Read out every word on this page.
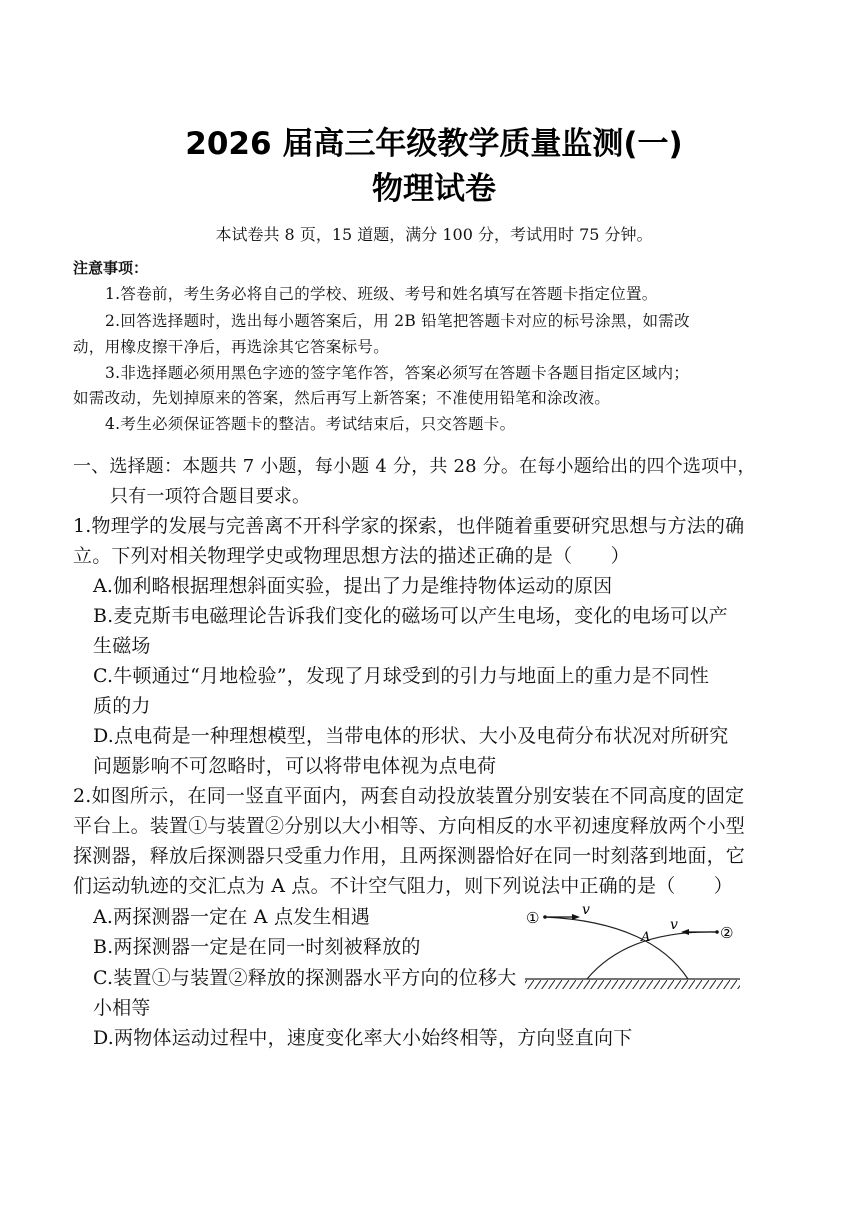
2026 届高三年级教学质量监测(一)
物理试卷
本试卷共 8 页，15 道题，满分 100 分，考试用时 75 分钟。
注意事项：
1.答卷前，考生务必将自己的学校、班级、考号和姓名填写在答题卡指定位置。
2.回答选择题时，选出每小题答案后，用 2B 铅笔把答题卡对应的标号涂黑，如需改
动，用橡皮擦干净后，再选涂其它答案标号。
3.非选择题必须用黑色字迹的签字笔作答，答案必须写在答题卡各题目指定区域内；
如需改动，先划掉原来的答案，然后再写上新答案；不准使用铅笔和涂改液。
4.考生必须保证答题卡的整洁。考试结束后，只交答题卡。
一、选择题：本题共 7 小题，每小题 4 分，共 28 分。在每小题给出的四个选项中，
只有一项符合题目要求。
1.物理学的发展与完善离不开科学家的探索，也伴随着重要研究思想与方法的确
立。下列对相关物理学史或物理思想方法的描述正确的是（　　）
A.伽利略根据理想斜面实验，提出了力是维持物体运动的原因
B.麦克斯韦电磁理论告诉我们变化的磁场可以产生电场，变化的电场可以产
生磁场
C.牛顿通过“月地检验”，发现了月球受到的引力与地面上的重力是不同性
质的力
D.点电荷是一种理想模型，当带电体的形状、大小及电荷分布状况对所研究
问题影响不可忽略时，可以将带电体视为点电荷
2.如图所示，在同一竖直平面内，两套自动投放装置分别安装在不同高度的固定
平台上。装置①与装置②分别以大小相等、方向相反的水平初速度释放两个小型
探测器，释放后探测器只受重力作用，且两探测器恰好在同一时刻落到地面，它
们运动轨迹的交汇点为 A 点。不计空气阻力，则下列说法中正确的是（　　）
A.两探测器一定在 A 点发生相遇
B.两探测器一定是在同一时刻被释放的
C.装置①与装置②释放的探测器水平方向的位移大
小相等
D.两物体运动过程中，速度变化率大小始终相等，方向竖直向下
①
②
v
v
A
